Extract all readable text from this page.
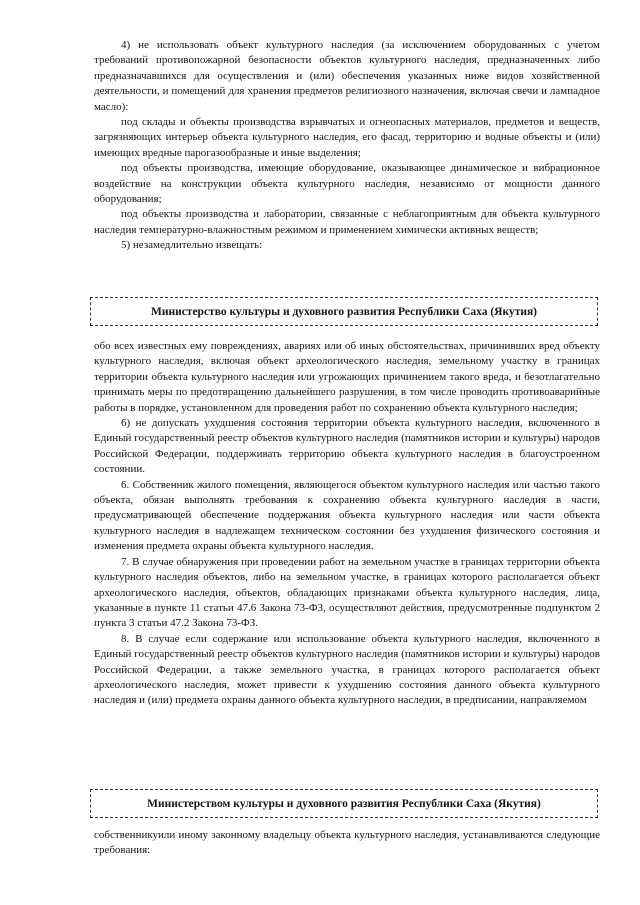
4) не использовать объект культурного наследия (за исключением оборудованных с учетом требований противопожарной безопасности объектов культурного наследия, предназначенных либо предназначавшихся для осуществления и (или) обеспечения указанных ниже видов хозяйственной деятельности, и помещений для хранения предметов религиозного назначения, включая свечи и лампадное масло):

под склады и объекты производства взрывчатых и огнеопасных материалов, предметов и веществ, загрязняющих интерьер объекта культурного наследия, его фасад, территорию и водные объекты и (или) имеющих вредные парогазообразные и иные выделения;

под объекты производства, имеющие оборудование, оказывающее динамическое и вибрационное воздействие на конструкции объекта культурного наследия, независимо от мощности данного оборудования;

под объекты производства и лаборатории, связанные с неблагоприятным для объекта культурного наследия температурно-влажностным режимом и применением химически активных веществ;

5) незамедлительно извещать:

Министерство культуры и духовного развития Республики Саха (Якутия)

обо всех известных ему повреждениях, авариях или об иных обстоятельствах, причинивших вред объекту культурного наследия, включая объект археологического наследия, земельному участку в границах территории объекта культурного наследия или угрожающих причинением такого вреда, и безотлагательно принимать меры по предотвращению дальнейшего разрушения, в том числе проводить противоаварийные работы в порядке, установленном для проведения работ по сохранению объекта культурного наследия;

6) не допускать ухудшения состояния территории объекта культурного наследия, включенного в Единый государственный реестр объектов культурного наследия (памятников истории и культуры) народов Российской Федерации, поддерживать территорию объекта культурного наследия в благоустроенном состоянии.

6. Собственник жилого помещения, являющегося объектом культурного наследия или частью такого объекта, обязан выполнять требования к сохранению объекта культурного наследия в части, предусматривающей обеспечение поддержания объекта культурного наследия или части объекта культурного наследия в надлежащем техническом состоянии без ухудшения физического состояния и изменения предмета охраны объекта культурного наследия.

7. В случае обнаружения при проведении работ на земельном участке в границах территории объекта культурного наследия объектов, либо на земельном участке, в границах которого располагается объект археологического наследия, объектов, обладающих признаками объекта культурного наследия, лица, указанные в пункте 11 статьи 47.6 Закона 73-ФЗ, осуществляют действия, предусмотренные подпунктом 2 пункта 3 статьи 47.2 Закона 73-ФЗ.

8. В случае если содержание или использование объекта культурного наследия, включенного в Единый государственный реестр объектов культурного наследия (памятников истории и культуры) народов Российской Федерации, а также земельного участка, в границах которого располагается объект археологического наследия, может привести к ухудшению состояния данного объекта культурного наследия и (или) предмета охраны данного объекта культурного наследия, в предписании, направляемом

Министерством культуры и духовного развития Республики Саха (Якутия)

собственникуили иному законному владельцу объекта культурного наследия, устанавливаются следующие требования:
